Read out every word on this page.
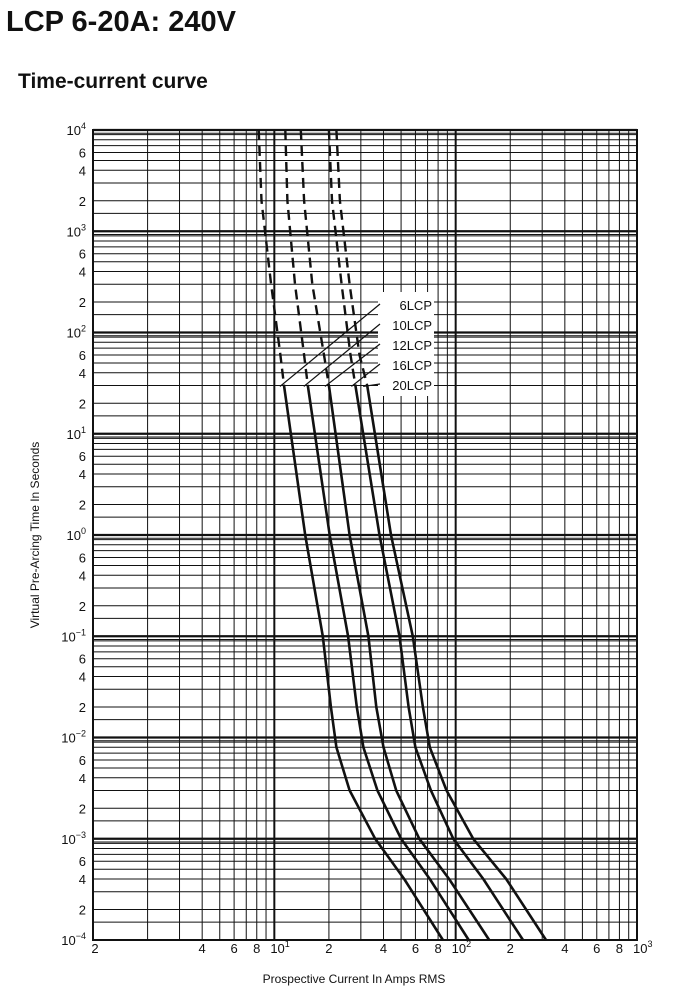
LCP 6-20A: 240V
Time-current curve
6LCP
10LCP
12LCP
16LCP
20LCP
2	4 6 8 $10^1$	2	4 6 8 $10^2$	2	4 6 8 $10^3$
$10^4$
6
4
2
$10^3$
6
4
2
$10^2$
6
4
2
$10^1$
6
4
2
$10^0$
6
4
2
$10^{-1}$
6
4
2
$10^{-2}$
6
4
2
$10^{-3}$
6
4
2
$10^{-4}$
Prospective Current In Amps RMS
Virtual Pre-Arcing Time In Seconds
